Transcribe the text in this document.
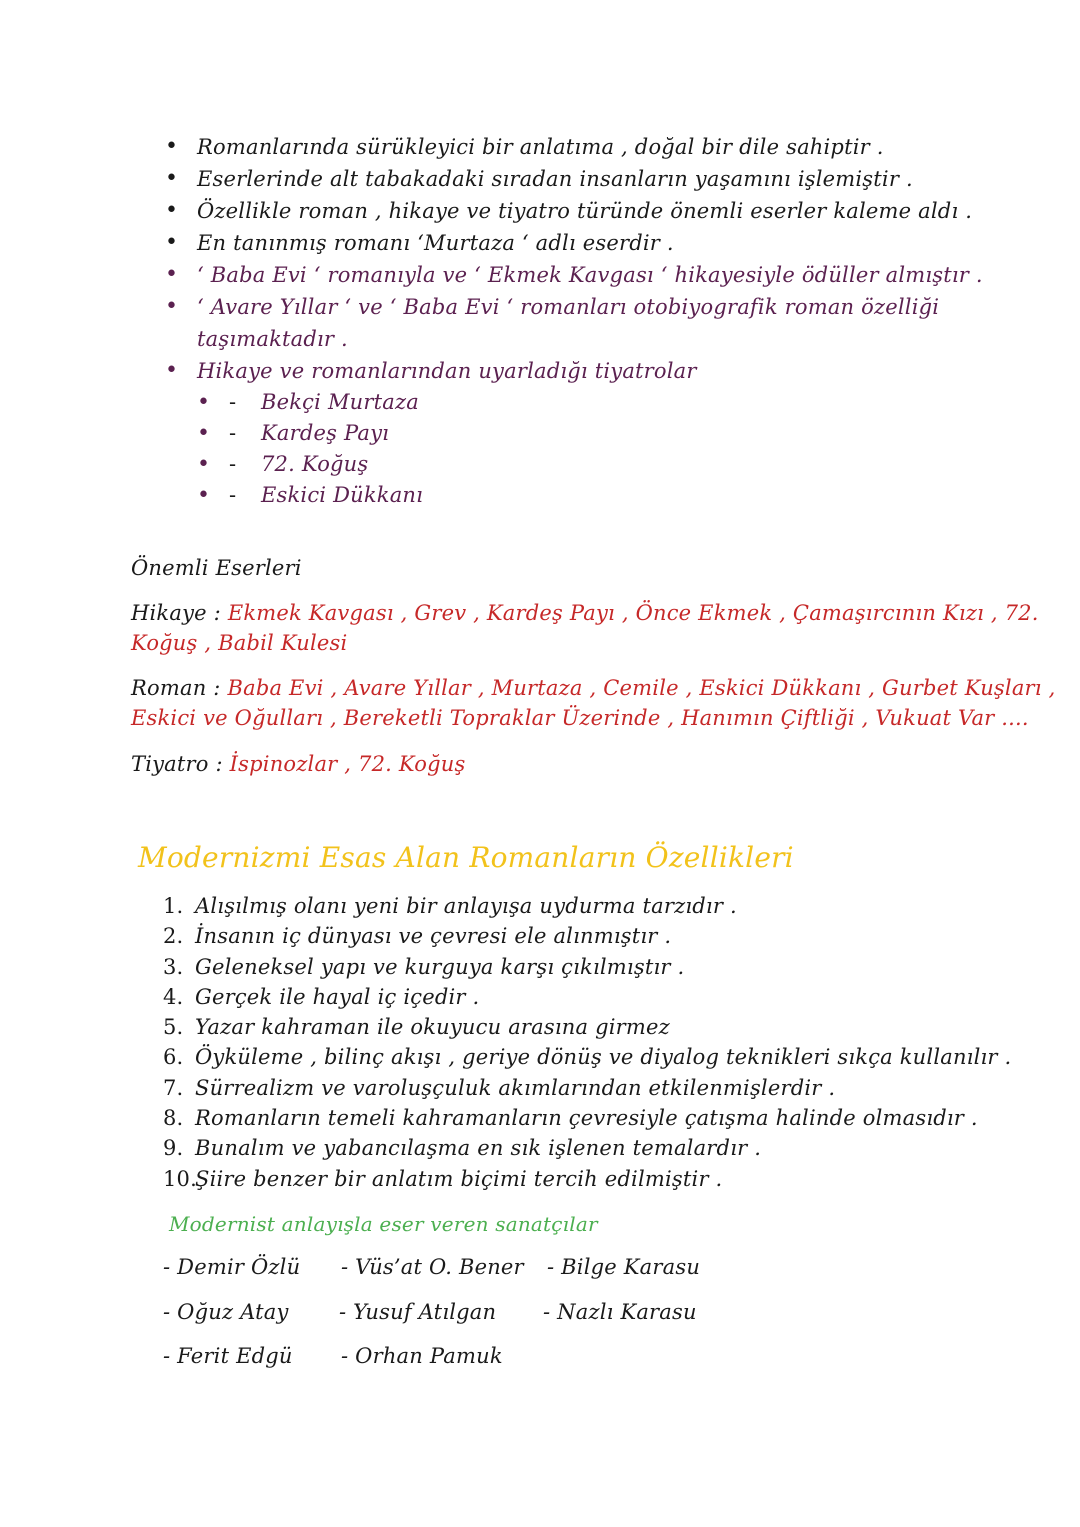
• Romanlarında sürükleyici bir anlatıma , doğal bir dile sahiptir .
• Eserlerinde alt tabakadaki sıradan insanların yaşamını işlemiştir .
• Özellikle roman , hikaye ve tiyatro türünde önemli eserler kaleme aldı .
• En tanınmış romanı ‘Murtaza ‘ adlı eserdir .
• ‘ Baba Evi ‘ romanıyla ve ‘ Ekmek Kavgası ‘ hikayesiyle ödüller almıştır .
• ‘ Avare Yıllar ‘ ve ‘ Baba Evi ‘ romanları otobiyografik roman özelliği
taşımaktadır .
• Hikaye ve romanlarından uyarladığı tiyatrolar
• - Bekçi Murtaza
• - Kardeş Payı
• - 72. Koğuş
• - Eskici Dükkanı
Önemli Eserleri
Hikaye : Ekmek Kavgası , Grev , Kardeş Payı , Önce Ekmek , Çamaşırcının Kızı , 72.
Koğuş , Babil Kulesi
Roman : Baba Evi , Avare Yıllar , Murtaza , Cemile , Eskici Dükkanı , Gurbet Kuşları ,
Eskici ve Oğulları , Bereketli Topraklar Üzerinde , Hanımın Çiftliği , Vukuat Var ....
Tiyatro : İspinozlar , 72. Koğuş
Modernizmi Esas Alan Romanların Özellikleri
1. Alışılmış olanı yeni bir anlayışa uydurma tarzıdır .
2. İnsanın iç dünyası ve çevresi ele alınmıştır .
3. Geleneksel yapı ve kurguya karşı çıkılmıştır .
4. Gerçek ile hayal iç içedir .
5. Yazar kahraman ile okuyucu arasına girmez
6. Öyküleme , bilinç akışı , geriye dönüş ve diyalog teknikleri sıkça kullanılır .
7. Sürrealizm ve varoluşçuluk akımlarından etkilenmişlerdir .
8. Romanların temeli kahramanların çevresiyle çatışma halinde olmasıdır .
9. Bunalım ve yabancılaşma en sık işlenen temalardır .
10.Şiire benzer bir anlatım biçimi tercih edilmiştir .
Modernist anlayışla eser veren sanatçılar
- Demir Özlü - Vüs’at O. Bener - Bilge Karasu
- Oğuz Atay - Yusuf Atılgan - Nazlı Karasu
- Ferit Edgü - Orhan Pamuk
